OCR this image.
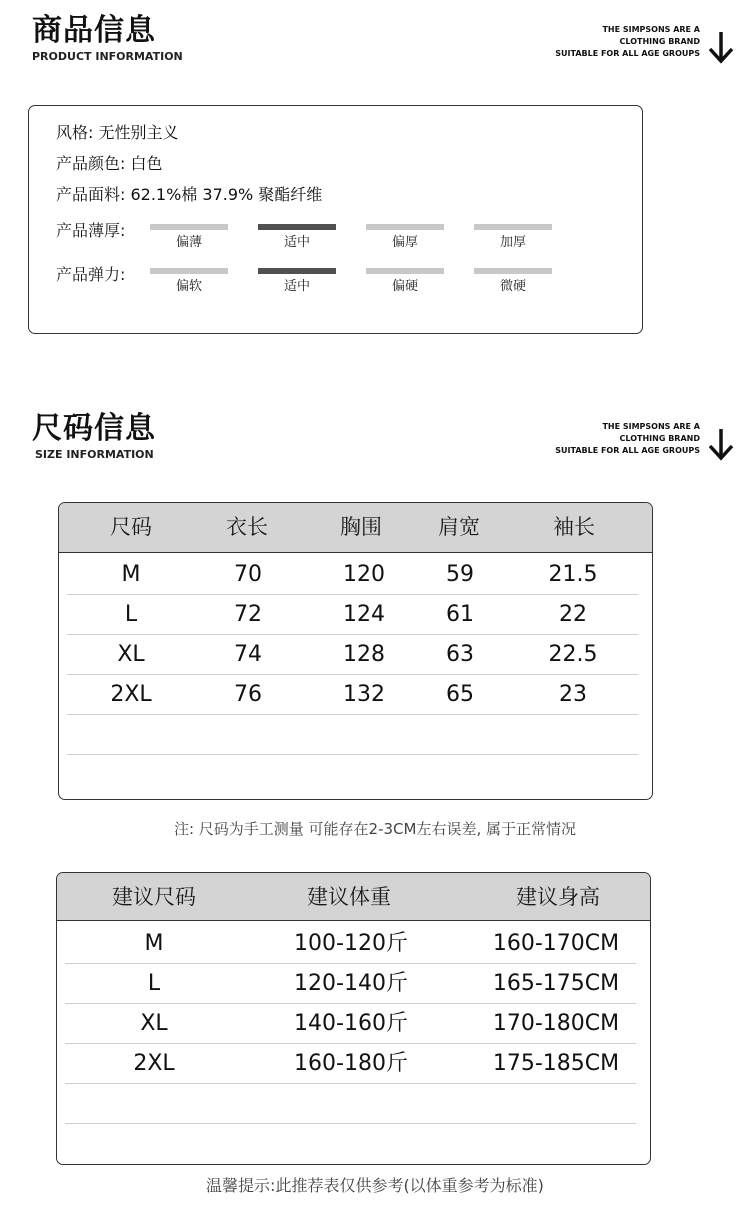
商品信息
PRODUCT INFORMATION
THE SIMPSONS ARE A
CLOTHING BRAND
SUITABLE FOR ALL AGE GROUPS
风格: 无性别主义
产品颜色: 白色
产品面料: 62.1%棉 37.9% 聚酯纤维
产品薄厚:
偏薄	适中	偏厚	加厚
产品弹力:
偏软	适中	偏硬	微硬
尺码信息
SIZE INFORMATION
THE SIMPSONS ARE A
CLOTHING BRAND
SUITABLE FOR ALL AGE GROUPS
尺码	衣长	胸围	肩宽	袖长
M	70	120	59	21.5
L	72	124	61	22
XL	74	128	63	22.5
2XL	76	132	65	23
注: 尺码为手工测量 可能存在2-3CM左右误差, 属于正常情况
建议尺码	建议体重	建议身高
M	100-120斤	160-170CM
L	120-140斤	165-175CM
XL	140-160斤	170-180CM
2XL	160-180斤	175-185CM
温馨提示:此推荐表仅供参考(以体重参考为标准)
